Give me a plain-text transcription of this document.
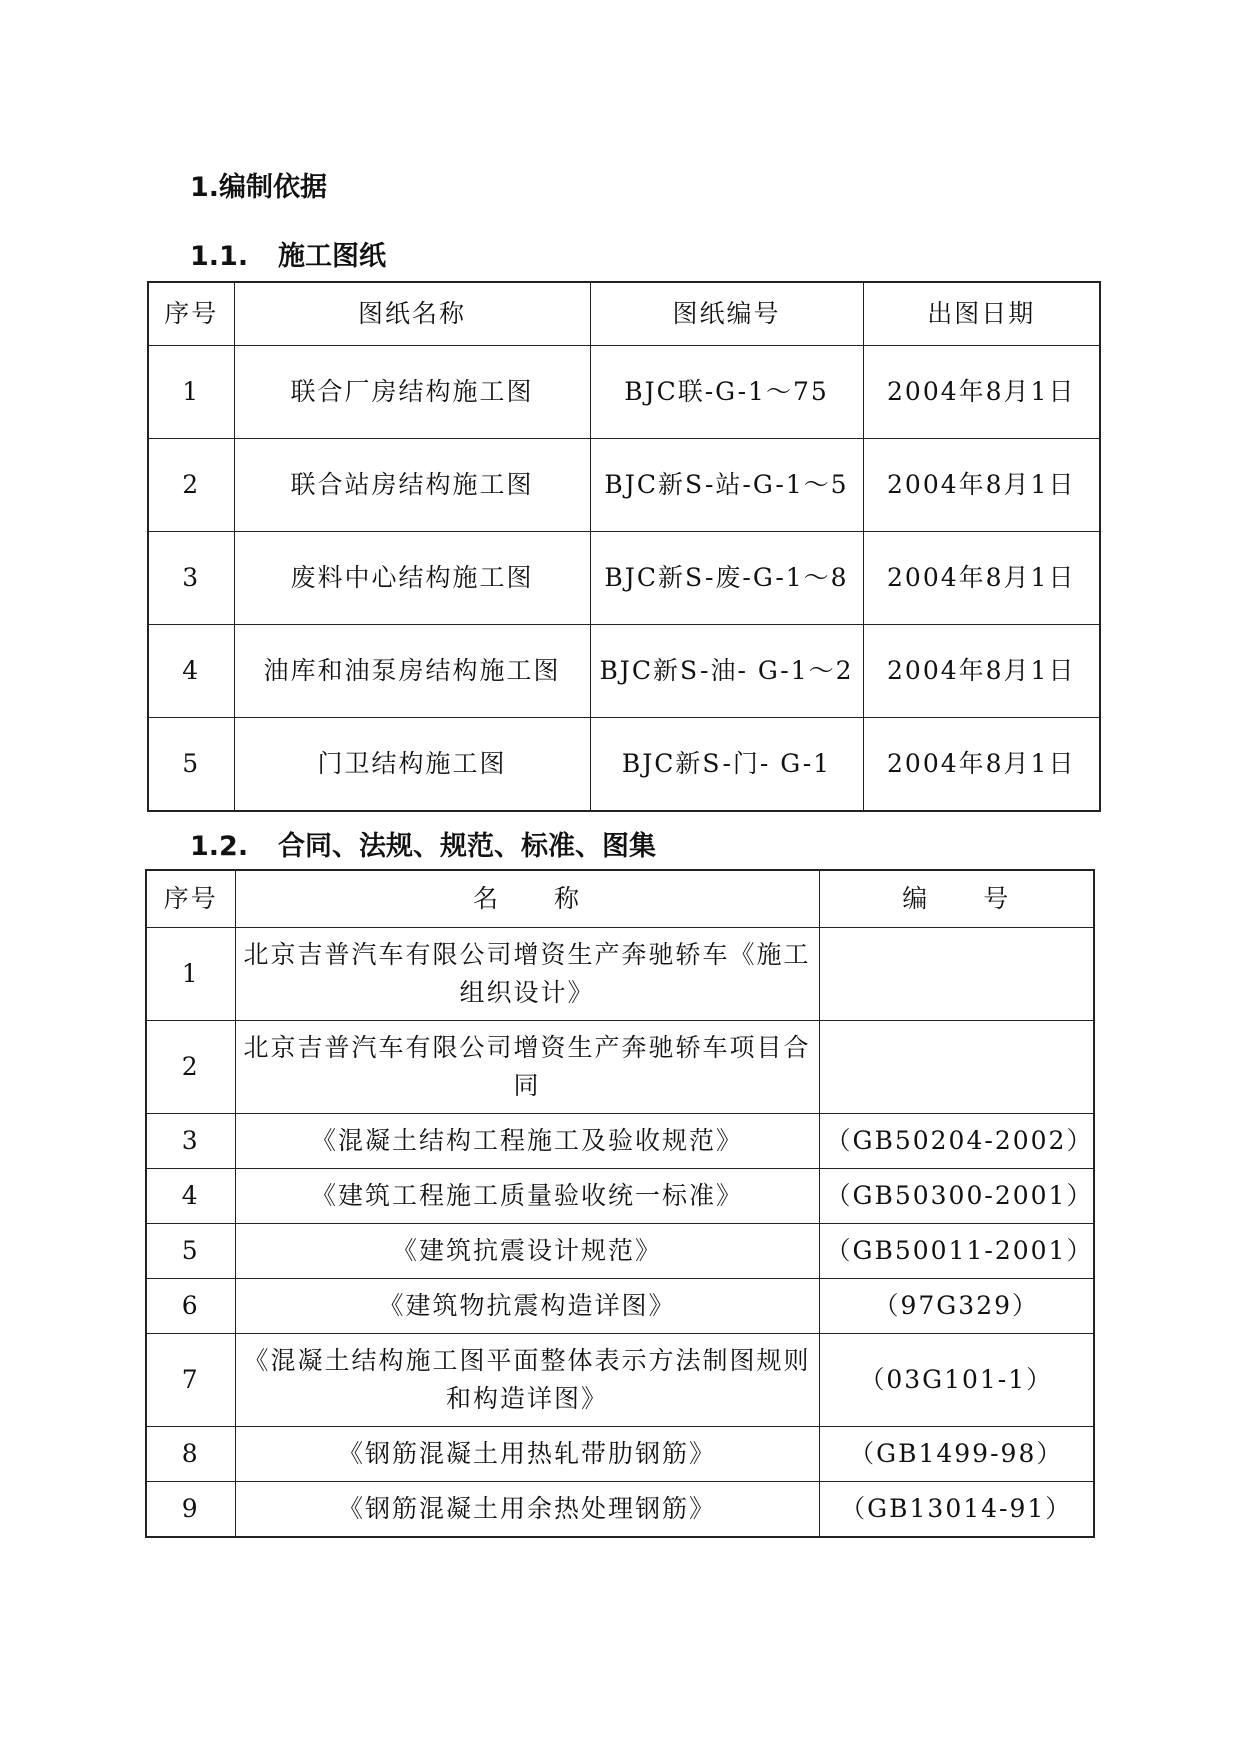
1.编制依据
1.1. 施工图纸
序号	图纸名称	图纸编号	出图日期
1	联合厂房结构施工图	BJC联-G-1～75	2004年8月1日
2	联合站房结构施工图	BJC新S-站-G-1～5	2004年8月1日
3	废料中心结构施工图	BJC新S-废-G-1～8	2004年8月1日
4	油库和油泵房结构施工图	BJC新S-油- G-1～2	2004年8月1日
5	门卫结构施工图	BJC新S-门- G-1	2004年8月1日
1.2. 合同、法规、规范、标准、图集
序号	名　　称	编　　号
1	北京吉普汽车有限公司增资生产奔驰轿车《施工组织设计》	
2	北京吉普汽车有限公司增资生产奔驰轿车项目合同	
3	《混凝土结构工程施工及验收规范》	（GB50204-2002）
4	《建筑工程施工质量验收统一标准》	（GB50300-2001）
5	《建筑抗震设计规范》	（GB50011-2001）
6	《建筑物抗震构造详图》	（97G329）
7	《混凝土结构施工图平面整体表示方法制图规则和构造详图》	（03G101-1）
8	《钢筋混凝土用热轧带肋钢筋》	（GB1499-98）
9	《钢筋混凝土用余热处理钢筋》	（GB13014-91）
